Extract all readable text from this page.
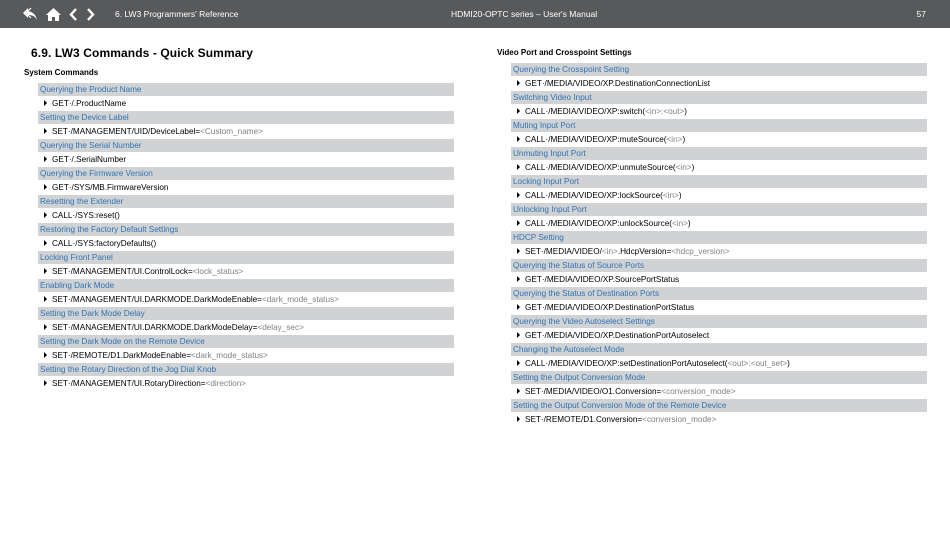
6. LW3 Programmers' Reference	HDMI20-OPTC series – User's Manual	57
6.9. LW3 Commands - Quick Summary
System Commands
Video Port and Crosspoint Settings
Querying the Product Name
GET·/.ProductName
Setting the Device Label
SET·/MANAGEMENT/UID/DeviceLabel=<Custom_name>
Querying the Serial Number
GET·/.SerialNumber
Querying the Firmware Version
GET·/SYS/MB.FirmwareVersion
Resetting the Extender
CALL·/SYS:reset()
Restoring the Factory Default Settings
CALL·/SYS:factoryDefaults()
Locking Front Panel
SET·/MANAGEMENT/UI.ControlLock=<lock_status>
Enabling Dark Mode
SET·/MANAGEMENT/UI.DARKMODE.DarkModeEnable=<dark_mode_status>
Setting the Dark Mode Delay
SET·/MANAGEMENT/UI.DARKMODE.DarkModeDelay=<delay_sec>
Setting the Dark Mode on the Remote Device
SET·/REMOTE/D1.DarkModeEnable=<dark_mode_status>
Setting the Rotary Direction of the Jog Dial Knob
SET·/MANAGEMENT/UI.RotaryDirection=<direction>
Querying the Crosspoint Setting
GET·/MEDIA/VIDEO/XP.DestinationConnectionList
Switching Video Input
CALL·/MEDIA/VIDEO/XP:switch(<in>:<out>)
Muting Input Port
CALL·/MEDIA/VIDEO/XP:muteSource(<in>)
Unmuting Input Port
CALL·/MEDIA/VIDEO/XP:unmuteSource(<in>)
Locking Input Port
CALL·/MEDIA/VIDEO/XP:lockSource(<in>)
Unlocking Input Port
CALL·/MEDIA/VIDEO/XP:unlockSource(<in>)
HDCP Setting
SET·/MEDIA/VIDEO/<in>.HdcpVersion=<hdcp_version>
Querying the Status of Source Ports
GET·/MEDIA/VIDEO/XP.SourcePortStatus
Querying the Status of Destination Ports
GET·/MEDIA/VIDEO/XP.DestinationPortStatus
Querying the Video Autoselect Settings
GET·/MEDIA/VIDEO/XP.DestinationPortAutoselect
Changing the Autoselect Mode
CALL·/MEDIA/VIDEO/XP:setDestinationPortAutoselect(<out>:<out_set>)
Setting the Output Conversion Mode
SET·/MEDIA/VIDEO/O1.Conversion=<conversion_mode>
Setting the Output Conversion Mode of the Remote Device
SET·/REMOTE/D1.Conversion=<conversion_mode>
